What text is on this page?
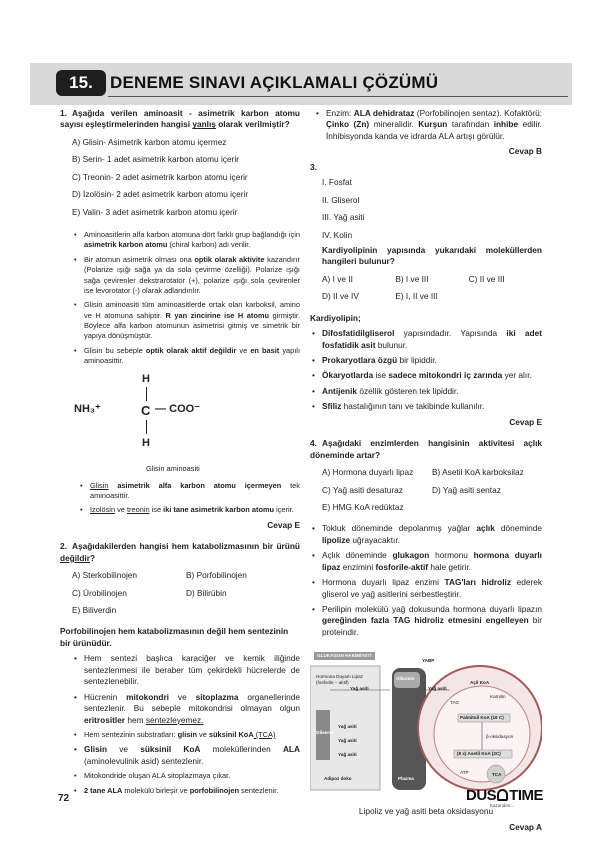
15.	DENEME SINAVI AÇIKLAMALI ÇÖZÜMÜ
1. Aşağıda verilen aminoasit - asimetrik karbon atomu sayısı eşleştirmelerinden hangisi yanlış olarak verilmiştir?
A) Glisin- Asimetrik karbon atomu içermez
B) Serin- 1 adet asimetrik karbon atomu içerir
C) Treonin- 2 adet asimetrik karbon atomu içerir
D) İzolösin- 2 adet asimetrik karbon atomu içerir
E) Valin- 3 adet asimetrik karbon atomu içerir
• Aminoasitlerin alfa karbon atomuna dört farklı grup bağlandığı için asimetrik karbon atomu (chiral karbon) adı verilir.
• Bir atomun asimetrik olması ona optik olarak aktivite kazandırır (Polarize ışığı sağa ya da sola çevirme özelliği). Polarize ışığı sağa çevirenler dekstrarotator (+), polarize ışığı sola çevirenler ise levorotator (-) olarak adlandırılır.
• Glisin aminoasiti tüm aminoasitlerde ortak olan karboksil, amino ve H atomuna sahiptir. R yan zincirine ise H atomu girmiştir. Böylece alfa karbon atomunun asimetrisi gitmiş ve simetrik bir yapıya dönüşmüştür.
• Glisin bu sebeple optik olarak aktif değildir ve en basit yapılı aminoasittir.
H
NH₃⁺	C — COO⁻
H
Glisin aminoasiti
• Glisin asimetrik alfa karbon atomu içermeyen tek aminoasittir.
• İzolösin ve treonin ise iki tane asimetrik karbon atomu içerir.
Cevap E
2. Aşağıdakilerden hangisi hem katabolizmasının bir ürünü değildir?
A) Sterkobilinojen	B) Porfobilinojen
C) Ürobilinojen	D) Bilirübin
E) Biliverdin
Porfobilinojen hem katabolizmasının değil hem sentezinin bir ürünüdür.
• Hem sentezi başlıca karaciğer ve kemik iliğinde sentezlenmesi ile beraber tüm çekirdekli hücrelerde de sentezlenebilir.
• Hücrenin mitokondri ve sitoplazma organellerinde sentezlenir. Bu sebeple mitokondrisi olmayan olgun eritrositler hem sentezleyemez.
• Hem sentezinin substratları: glisin ve süksinil KoA (TCA)
• Glisin ve süksinil KoA moleküllerinden ALA (aminolevulinik asid) sentezlenir.
• Mitokondride oluşan ALA sitoplazmaya çıkar.
• 2 tane ALA molekülü birleşir ve porfobilinojen sentezlenir.
• Enzim: ALA dehidrataz (Porfobilinojen sentaz). Kofaktörü: Çinko (Zn) mineralidir. Kurşun tarafından inhibe edilir. İnhibisyonda kanda ve idrarda ALA artışı görülür.
Cevap B
3.
I. Fosfat
II. Gliserol
III. Yağ asiti
IV. Kolin
Kardiyolipinin yapısında yukarıdaki moleküllerden hangileri bulunur?
A) I ve II	B) I ve III	C) II ve III
D) II ve IV	E) I, II ve III
Kardiyolipin;
• Difosfatidilgliserol yapısındadır. Yapısında iki adet fosfatidik asit bulunur.
• Prokaryotlara özgü bir lipiddir.
• Ökaryotlarda ise sadece mitokondri iç zarında yer alır.
• Antijenik özellik gösteren tek lipiddir.
• Sfiliz hastalığının tanı ve takibinde kullanılır.
Cevap E
4. Aşağıdaki enzimlerden hangisinin aktivitesi açlık döneminde artar?
A) Hormona duyarlı lipaz	B) Asetil KoA karboksilaz
C) Yağ asiti desaturaz	D) Yağ asiti sentaz
E) HMG KoA redüktaz
• Tokluk döneminde depolanmış yağlar açlık döneminde lipolize uğrayacaktır.
• Açlık döneminde glukagon hormonu hormona duyarlı lipaz enzimini fosforile-aktif hale getirir.
• Hormona duyarlı lipaz enzimi TAG'ları hidroliz ederek gliserol ve yağ asitlerini serbestleştirir.
• Perilipin molekülü yağ dokusunda hormona duyarlı lipazın gereğinden fazla TAG hidroliz etmesini engelleyen bir proteindir.
GLUKAGON HAKİMİYETİ
Hormona Duyarlı Lipaz (fosforile – aktif)
Albumin
Yağ asiti	Yağ asiti
Yağ asiti
Yağ asiti
Yağ asiti
Gliserol
Adipoz doku	Plazma
YABP
Açil KoA
Karnitin
TAG
Palmitoil KoA (16 C)
β-oksidasyon
(8 x) Asetil KoA (2C)
ATP	TCA
Lipoliz ve yağ asiti beta oksidasyonu
Cevap A
72	DUS TIME
Kazandırır...
